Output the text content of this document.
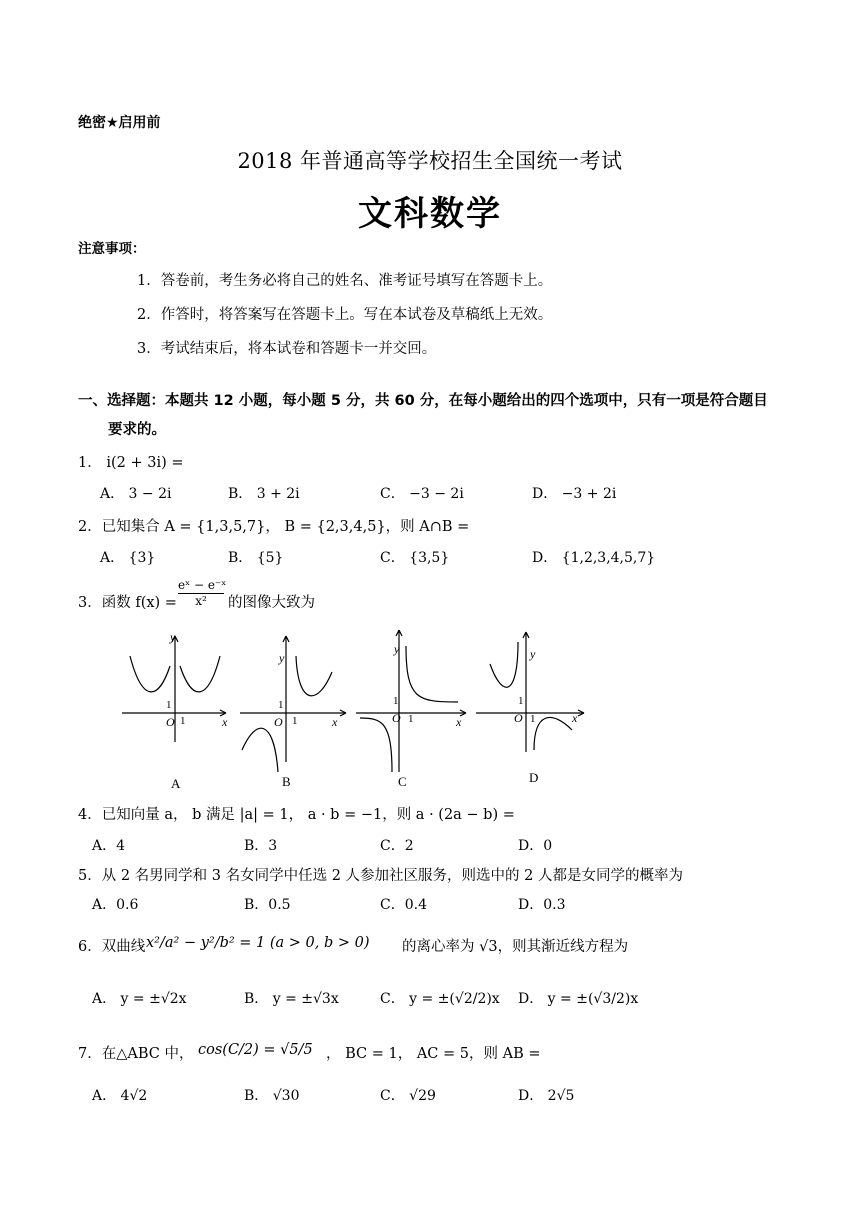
绝密★启用前
2018 年普通高等学校招生全国统一考试
文科数学
注意事项：
1．答卷前，考生务必将自己的姓名、准考证号填写在答题卡上。
2．作答时，将答案写在答题卡上。写在本试卷及草稿纸上无效。
3．考试结束后，将本试卷和答题卡一并交回。
一、选择题：本题共 12 小题，每小题 5 分，共 60 分，在每小题给出的四个选项中，只有一项是符合题目
要求的。
1． i(2 + 3i) =
A． 3 − 2i	B． 3 + 2i	C． −3 − 2i	D． −3 + 2i
2．已知集合 A = {1,3,5,7}， B = {2,3,4,5}，则 A∩B =
A． {3}	B． {5}	C． {3,5}	D． {1,2,3,4,5,7}
3．函数 $f(x) = \frac{\text{eˣ − e⁻ˣ}}{\text{x²}}$ 的图像大致为
y
O	x
y
O	x
y
O	x
y
O	x
1
1
1
1
1
1
1
1
A	B	C	D
4．已知向量 a， b 满足 |a| = 1， a · b = −1，则 a · (2a − b) =
A．4	B．3	C．2	D．0
5．从 2 名男同学和 3 名女同学中任选 2 人参加社区服务，则选中的 2 人都是女同学的概率为
A．0.6	B．0.5	C．0.4	D．0.3
6．双曲线 x²/a² − y²/b² = 1 (a > 0, b > 0) 的离心率为 √3，则其渐近线方程为
A． y = ±√2x	B． y = ±√3x	C． y = ±(√2/2)x D． y = ±(√3/2)x
7．在△ABC 中， cos(C/2) = √5/5 ， BC = 1， AC = 5，则 AB =
A． 4√2	B． √30	C． √29	D． 2√5
